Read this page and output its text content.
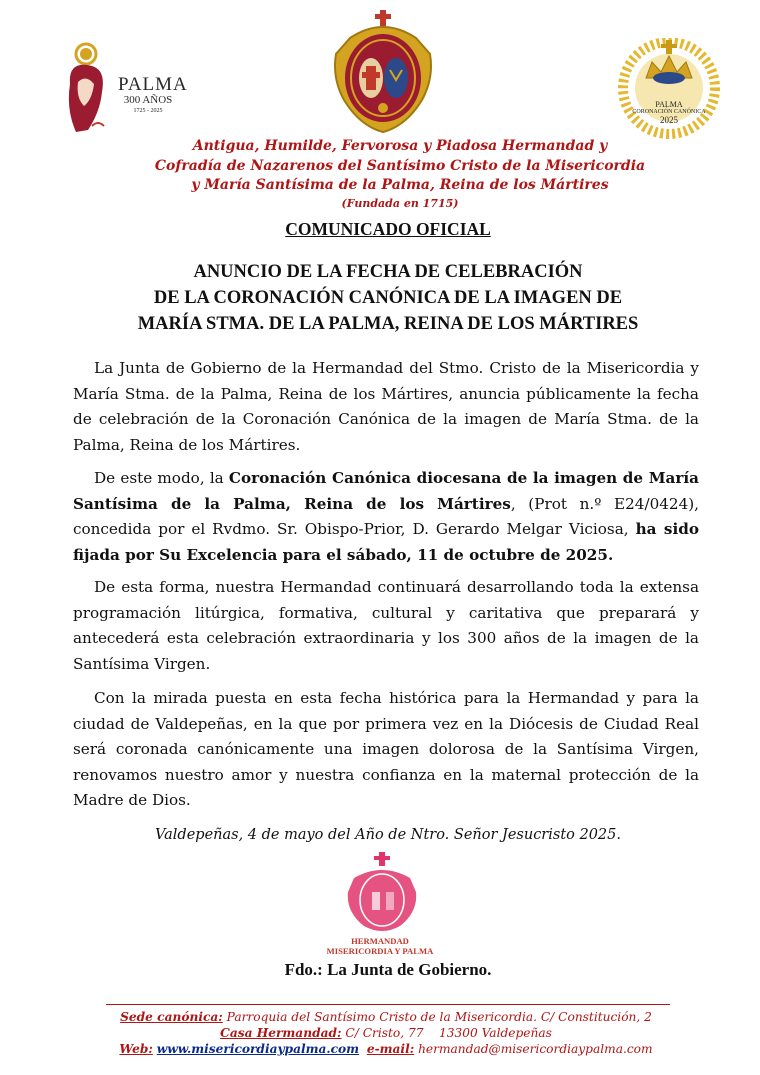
PALMA
300 AÑOS
1725 - 2025
PALMA
CORONACIÓN CANÓNICA
2025
Antigua, Humilde, Fervorosa y Piadosa Hermandad y
Cofradía de Nazarenos del Santísimo Cristo de la Misericordia
y María Santísima de la Palma, Reina de los Mártires
(Fundada en 1715)
COMUNICADO OFICIAL
ANUNCIO DE LA FECHA DE CELEBRACIÓN
DE LA CORONACIÓN CANÓNICA DE LA IMAGEN DE
MARÍA STMA. DE LA PALMA, REINA DE LOS MÁRTIRES

La Junta de Gobierno de la Hermandad del Stmo. Cristo de la Misericordia y María Stma. de la Palma, Reina de los Mártires, anuncia públicamente la fecha de celebración de la Coronación Canónica de la imagen de María Stma. de la Palma, Reina de los Mártires.

De este modo, la Coronación Canónica diocesana de la imagen de María Santísima de la Palma, Reina de los Mártires, (Prot n.º E24/0424), concedida por el Rvdmo. Sr. Obispo-Prior, D. Gerardo Melgar Viciosa, ha sido fijada por Su Excelencia para el sábado, 11 de octubre de 2025.

De esta forma, nuestra Hermandad continuará desarrollando toda la extensa programación litúrgica, formativa, cultural y caritativa que preparará y antecederá esta celebración extraordinaria y los 300 años de la imagen de la Santísima Virgen.

Con la mirada puesta en esta fecha histórica para la Hermandad y para la ciudad de Valdepeñas, en la que por primera vez en la Diócesis de Ciudad Real será coronada canónicamente una imagen dolorosa de la Santísima Virgen, renovamos nuestro amor y nuestra confianza en la maternal protección de la Madre de Dios.

Valdepeñas, 4 de mayo del Año de Ntro. Señor Jesucristo 2025.
HERMANDAD
MISERICORDIA Y PALMA
Fdo.: La Junta de Gobierno.
Sede canónica: Parroquia del Santísimo Cristo de la Misericordia. C/ Constitución, 2
Casa Hermandad: C/ Cristo, 77    13300 Valdepeñas
Web: www.misericordiaypalma.com e-mail: hermandad@misericordiaypalma.com
